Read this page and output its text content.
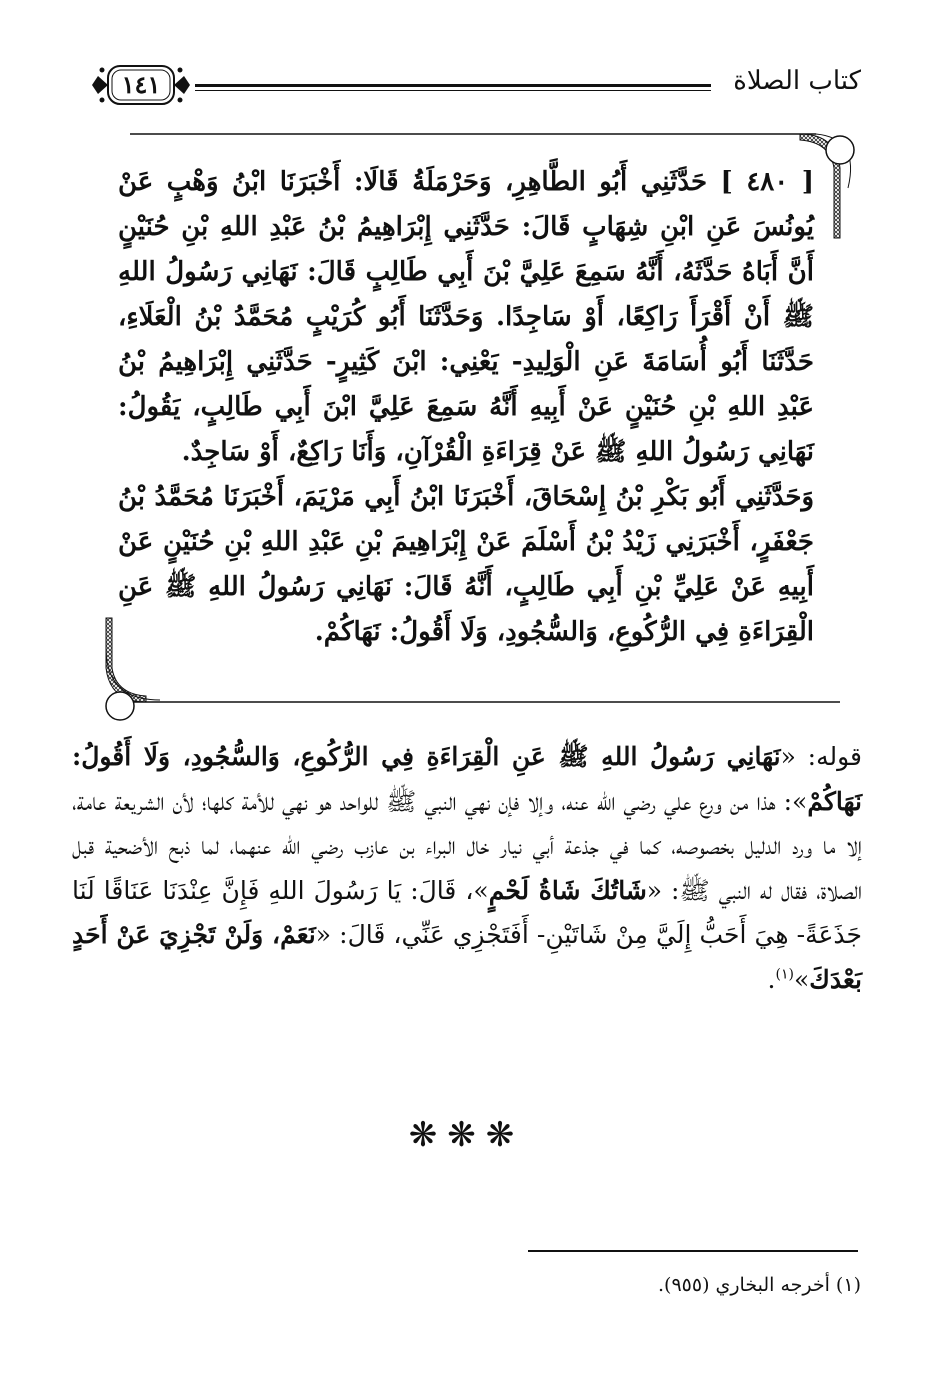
كتاب الصلاة
١٤١

[ ٤٨٠ ] حَدَّثَنِي أَبُو الطَّاهِرِ، وَحَرْمَلَةُ قَالَا: أَخْبَرَنَا ابْنُ وَهْبٍ عَنْ يُونُسَ عَنِ ابْنِ شِهَابٍ قَالَ: حَدَّثَنِي إِبْرَاهِيمُ بْنُ عَبْدِ اللهِ بْنِ حُنَيْنٍ أَنَّ أَبَاهُ حَدَّثَهُ، أَنَّهُ سَمِعَ عَلِيَّ بْنَ أَبِي طَالِبٍ قَالَ: نَهَانِي رَسُولُ اللهِ ﷺ أَنْ أَقْرَأَ رَاكِعًا، أَوْ سَاجِدًا. وَحَدَّثَنَا أَبُو كُرَيْبٍ مُحَمَّدُ بْنُ الْعَلَاءِ، حَدَّثَنَا أَبُو أُسَامَةَ عَنِ الْوَلِيدِ- يَعْنِي: ابْنَ كَثِيرٍ- حَدَّثَنِي إِبْرَاهِيمُ بْنُ عَبْدِ اللهِ بْنِ حُنَيْنٍ عَنْ أَبِيهِ أَنَّهُ سَمِعَ عَلِيَّ ابْنَ أَبِي طَالِبٍ، يَقُولُ: نَهَانِي رَسُولُ اللهِ ﷺ عَنْ قِرَاءَةِ الْقُرْآنِ، وَأَنَا رَاكِعٌ، أَوْ سَاجِدٌ.

وَحَدَّثَنِي أَبُو بَكْرِ بْنُ إِسْحَاقَ، أَخْبَرَنَا ابْنُ أَبِي مَرْيَمَ، أَخْبَرَنَا مُحَمَّدُ بْنُ جَعْفَرٍ، أَخْبَرَنِي زَيْدُ بْنُ أَسْلَمَ عَنْ إِبْرَاهِيمَ بْنِ عَبْدِ اللهِ بْنِ حُنَيْنٍ عَنْ أَبِيهِ عَنْ عَلِيِّ بْنِ أَبِي طَالِبٍ، أَنَّهُ قَالَ: نَهَانِي رَسُولُ اللهِ ﷺ عَنِ الْقِرَاءَةِ فِي الرُّكُوعِ، وَالسُّجُودِ، وَلَا أَقُولُ: نَهَاكُمْ.

قوله: «نَهَانِي رَسُولُ اللهِ ﷺ عَنِ الْقِرَاءَةِ فِي الرُّكُوعِ، وَالسُّجُودِ، وَلَا أَقُولُ: نَهَاكُمْ»: هذا من ورع علي رضي الله عنه، وإلا فإن نهي النبي ﷺ للواحد هو نهي للأمة كلها؛ لأن الشريعة عامة، إلا ما ورد الدليل بخصوصه، كما في جذعة أبي نيار خال البراء بن عازب رضي الله عنهما، لما ذبح الأضحية قبل الصلاة، فقال له النبي ﷺ: «شَاتُكَ شَاةُ لَحْمٍ»، قَالَ: يَا رَسُولَ اللهِ فَإِنَّ عِنْدَنَا عَنَاقًا لَنَا جَذَعَةً- هِيَ أَحَبُّ إِلَيَّ مِنْ شَاتَيْنِ- أَفَتَجْزِي عَنِّي، قَالَ: «نَعَمْ، وَلَنْ تَجْزِيَ عَنْ أَحَدٍ بَعْدَكَ»$^{(١)}$.
❋❋❋
(١) أخرجه البخاري (٩٥٥).
